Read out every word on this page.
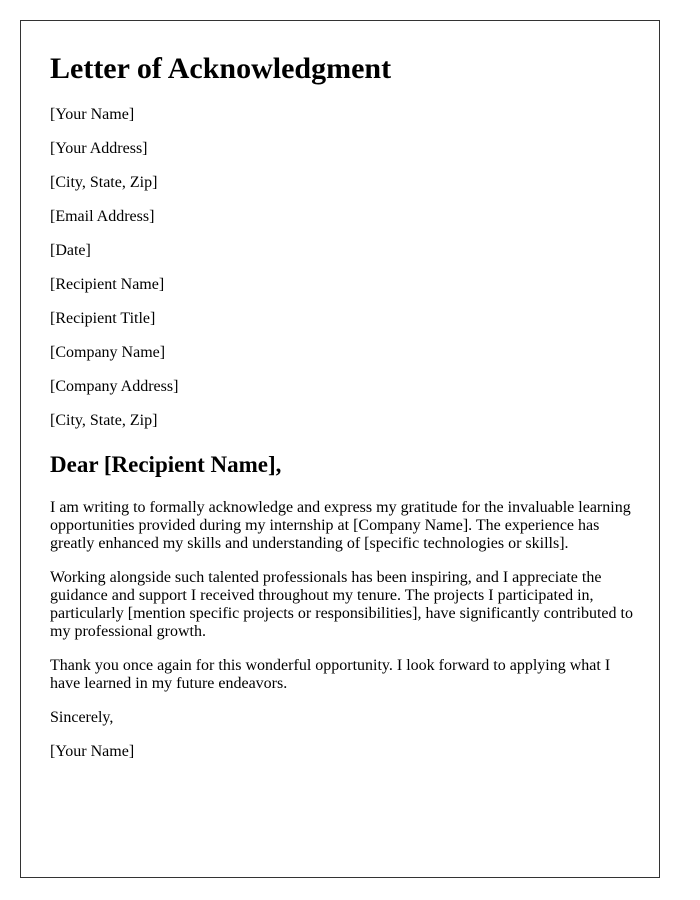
Letter of Acknowledgment
[Your Name]
[Your Address]
[City, State, Zip]
[Email Address]
[Date]
[Recipient Name]
[Recipient Title]
[Company Name]
[Company Address]
[City, State, Zip]
Dear [Recipient Name],

I am writing to formally acknowledge and express my gratitude for the invaluable learning opportunities provided during my internship at [Company Name]. The experience has greatly enhanced my skills and understanding of [specific technologies or skills].

Working alongside such talented professionals has been inspiring, and I appreciate the guidance and support I received throughout my tenure. The projects I participated in, particularly [mention specific projects or responsibilities], have significantly contributed to my professional growth.

Thank you once again for this wonderful opportunity. I look forward to applying what I have learned in my future endeavors.

Sincerely,

[Your Name]
